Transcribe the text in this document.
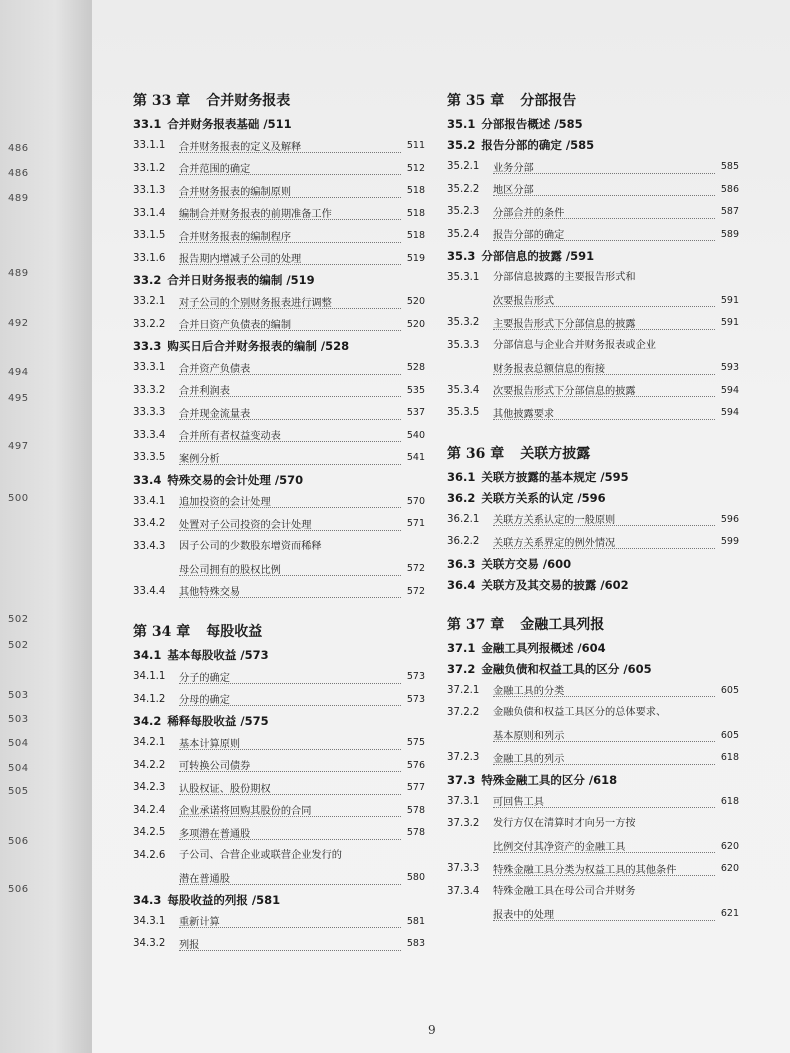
486
486
489
489
492
494
495
497
500
502
502
503
503
504
504
505
506
506
第 33 章 合并财务报表
33.1 合并财务报表基础 /511
33.1.1	合并财务报表的定义及解释	511
33.1.2	合并范围的确定	512
33.1.3	合并财务报表的编制原则	518
33.1.4	编制合并财务报表的前期准备工作	518
33.1.5	合并财务报表的编制程序	518
33.1.6	报告期内增减子公司的处理	519
33.2 合并日财务报表的编制 /519
33.2.1	对子公司的个别财务报表进行调整	520
33.2.2	合并日资产负债表的编制	520
33.3 购买日后合并财务报表的编制 /528
33.3.1	合并资产负债表	528
33.3.2	合并利润表	535
33.3.3	合并现金流量表	537
33.3.4	合并所有者权益变动表	540
33.3.5	案例分析	541
33.4 特殊交易的会计处理 /570
33.4.1	追加投资的会计处理	570
33.4.2	处置对子公司投资的会计处理	571
33.4.3	因子公司的少数股东增资而稀释
母公司拥有的股权比例	572
33.4.4	其他特殊交易	572
第 34 章 每股收益
34.1 基本每股收益 /573
34.1.1	分子的确定	573
34.1.2	分母的确定	573
34.2 稀释每股收益 /575
34.2.1	基本计算原则	575
34.2.2	可转换公司债券	576
34.2.3	认股权证、股份期权	577
34.2.4	企业承诺将回购其股份的合同	578
34.2.5	多项潜在普通股	578
34.2.6	子公司、合营企业或联营企业发行的
潜在普通股	580
34.3 每股收益的列报 /581
34.3.1	重新计算	581
34.3.2	列报	583
第 35 章 分部报告
35.1 分部报告概述 /585
35.2 报告分部的确定 /585
35.2.1	业务分部	585
35.2.2	地区分部	586
35.2.3	分部合并的条件	587
35.2.4	报告分部的确定	589
35.3 分部信息的披露 /591
35.3.1	分部信息披露的主要报告形式和
次要报告形式	591
35.3.2	主要报告形式下分部信息的披露	591
35.3.3	分部信息与企业合并财务报表或企业
财务报表总额信息的衔接	593
35.3.4	次要报告形式下分部信息的披露	594
35.3.5	其他披露要求	594
第 36 章 关联方披露
36.1 关联方披露的基本规定 /595
36.2 关联方关系的认定 /596
36.2.1	关联方关系认定的一般原则	596
36.2.2	关联方关系界定的例外情况	599
36.3 关联方交易 /600
36.4 关联方及其交易的披露 /602
第 37 章 金融工具列报
37.1 金融工具列报概述 /604
37.2 金融负债和权益工具的区分 /605
37.2.1	金融工具的分类	605
37.2.2	金融负债和权益工具区分的总体要求、
基本原则和列示	605
37.2.3	金融工具的列示	618
37.3 特殊金融工具的区分 /618
37.3.1	可回售工具	618
37.3.2	发行方仅在清算时才向另一方按
比例交付其净资产的金融工具	620
37.3.3	特殊金融工具分类为权益工具的其他条件	620
37.3.4	特殊金融工具在母公司合并财务
报表中的处理	621
9
